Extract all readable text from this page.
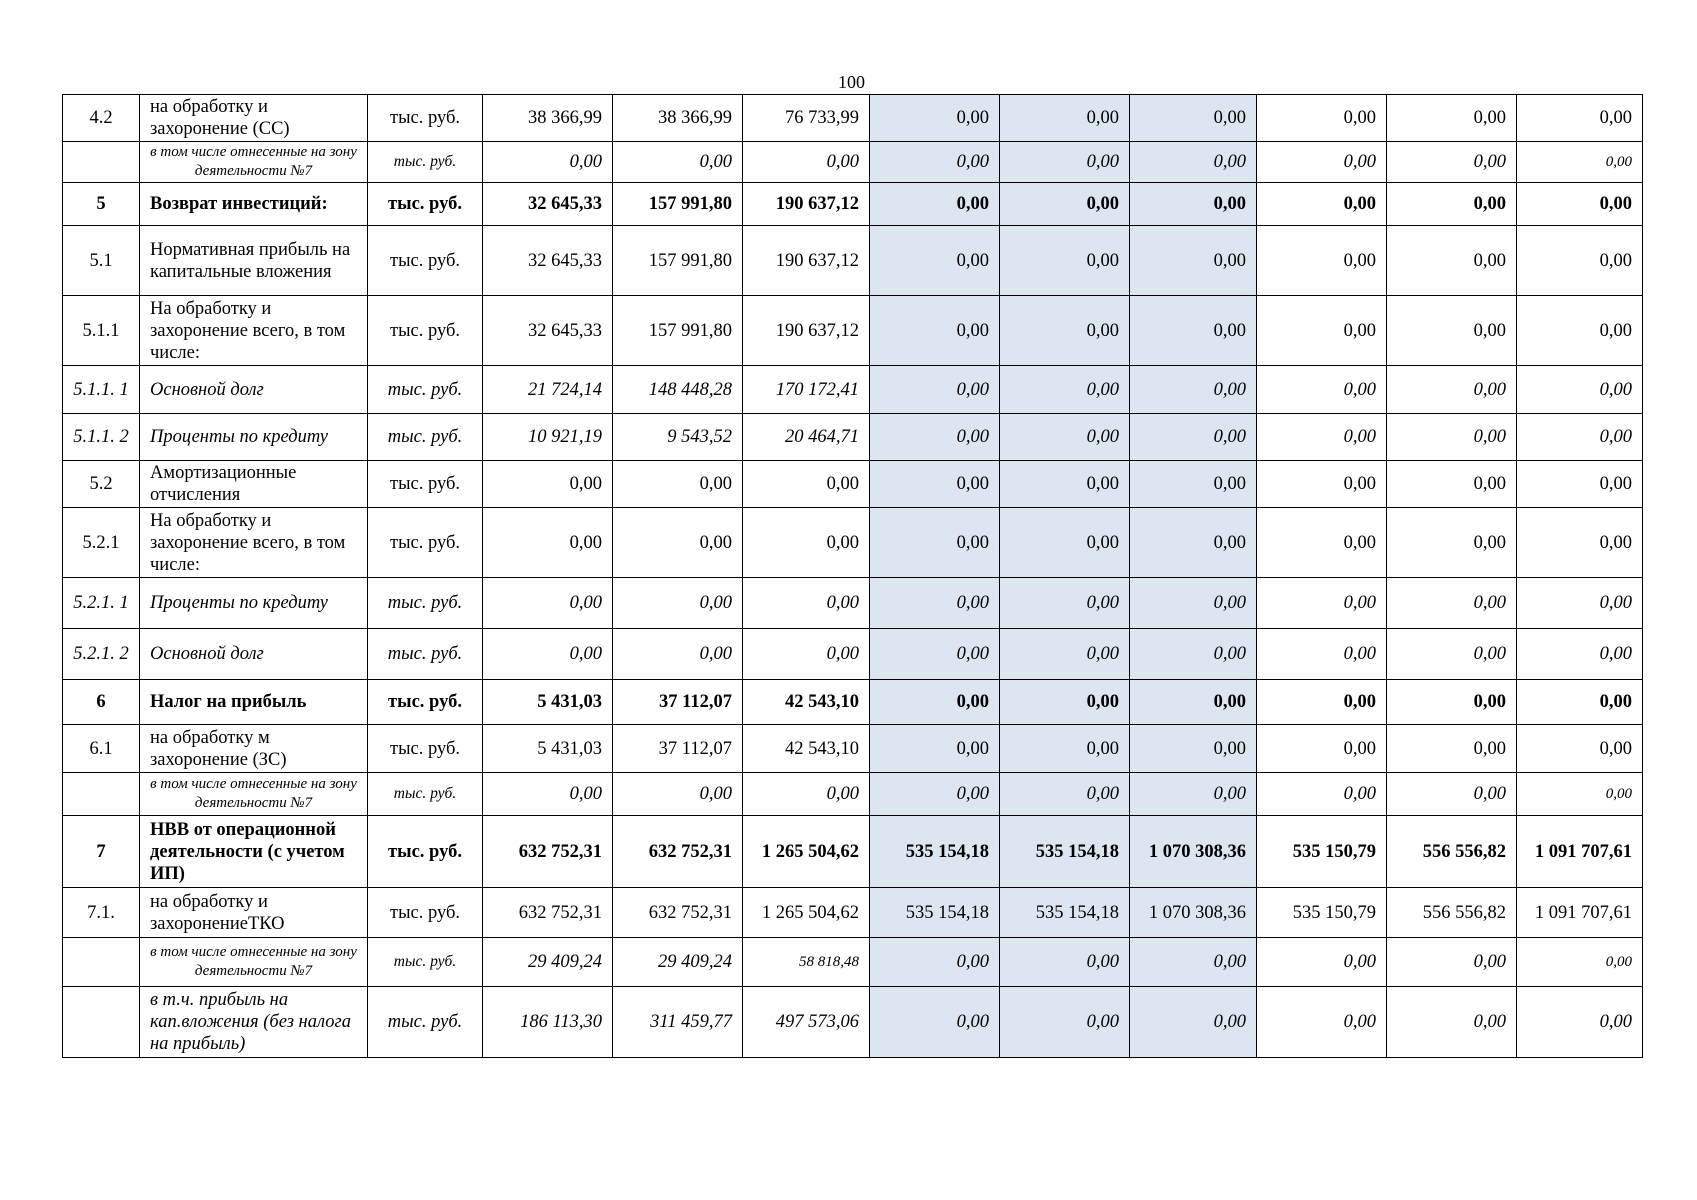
100
4.2	на обработку и захоронение (СС)	тыс. руб.	38 366,99	38 366,99	76 733,99	0,00	0,00	0,00	0,00	0,00	0,00
	в том числе отнесенные на зону деятельности №7	тыс. руб.	0,00	0,00	0,00	0,00	0,00	0,00	0,00	0,00	0,00
5	Возврат инвестиций:	тыс. руб.	32 645,33	157 991,80	190 637,12	0,00	0,00	0,00	0,00	0,00	0,00
5.1	Нормативная прибыль на капитальные вложения	тыс. руб.	32 645,33	157 991,80	190 637,12	0,00	0,00	0,00	0,00	0,00	0,00
5.1.1	На обработку и захоронение всего, в том числе:	тыс. руб.	32 645,33	157 991,80	190 637,12	0,00	0,00	0,00	0,00	0,00	0,00
5.1.1. 1	Основной долг	тыс. руб.	21 724,14	148 448,28	170 172,41	0,00	0,00	0,00	0,00	0,00	0,00
5.1.1. 2	Проценты по кредиту	тыс. руб.	10 921,19	9 543,52	20 464,71	0,00	0,00	0,00	0,00	0,00	0,00
5.2	Амортизационные отчисления	тыс. руб.	0,00	0,00	0,00	0,00	0,00	0,00	0,00	0,00	0,00
5.2.1	На обработку и захоронение всего, в том числе:	тыс. руб.	0,00	0,00	0,00	0,00	0,00	0,00	0,00	0,00	0,00
5.2.1. 1	Проценты по кредиту	тыс. руб.	0,00	0,00	0,00	0,00	0,00	0,00	0,00	0,00	0,00
5.2.1. 2	Основной долг	тыс. руб.	0,00	0,00	0,00	0,00	0,00	0,00	0,00	0,00	0,00
6	Налог на прибыль	тыс. руб.	5 431,03	37 112,07	42 543,10	0,00	0,00	0,00	0,00	0,00	0,00
6.1	на обработку м захоронение (ЗС)	тыс. руб.	5 431,03	37 112,07	42 543,10	0,00	0,00	0,00	0,00	0,00	0,00
	в том числе отнесенные на зону деятельности №7	тыс. руб.	0,00	0,00	0,00	0,00	0,00	0,00	0,00	0,00	0,00
7	НВВ от операционной деятельности (с учетом ИП)	тыс. руб.	632 752,31	632 752,31	1 265 504,62	535 154,18	535 154,18	1 070 308,36	535 150,79	556 556,82	1 091 707,61
7.1.	на обработку и захоронениеТКО	тыс. руб.	632 752,31	632 752,31	1 265 504,62	535 154,18	535 154,18	1 070 308,36	535 150,79	556 556,82	1 091 707,61
	в том числе отнесенные на зону деятельности №7	тыс. руб.	29 409,24	29 409,24	58 818,48	0,00	0,00	0,00	0,00	0,00	0,00
	в т.ч. прибыль на кап.вложения (без налога на прибыль)	тыс. руб.	186 113,30	311 459,77	497 573,06	0,00	0,00	0,00	0,00	0,00	0,00
